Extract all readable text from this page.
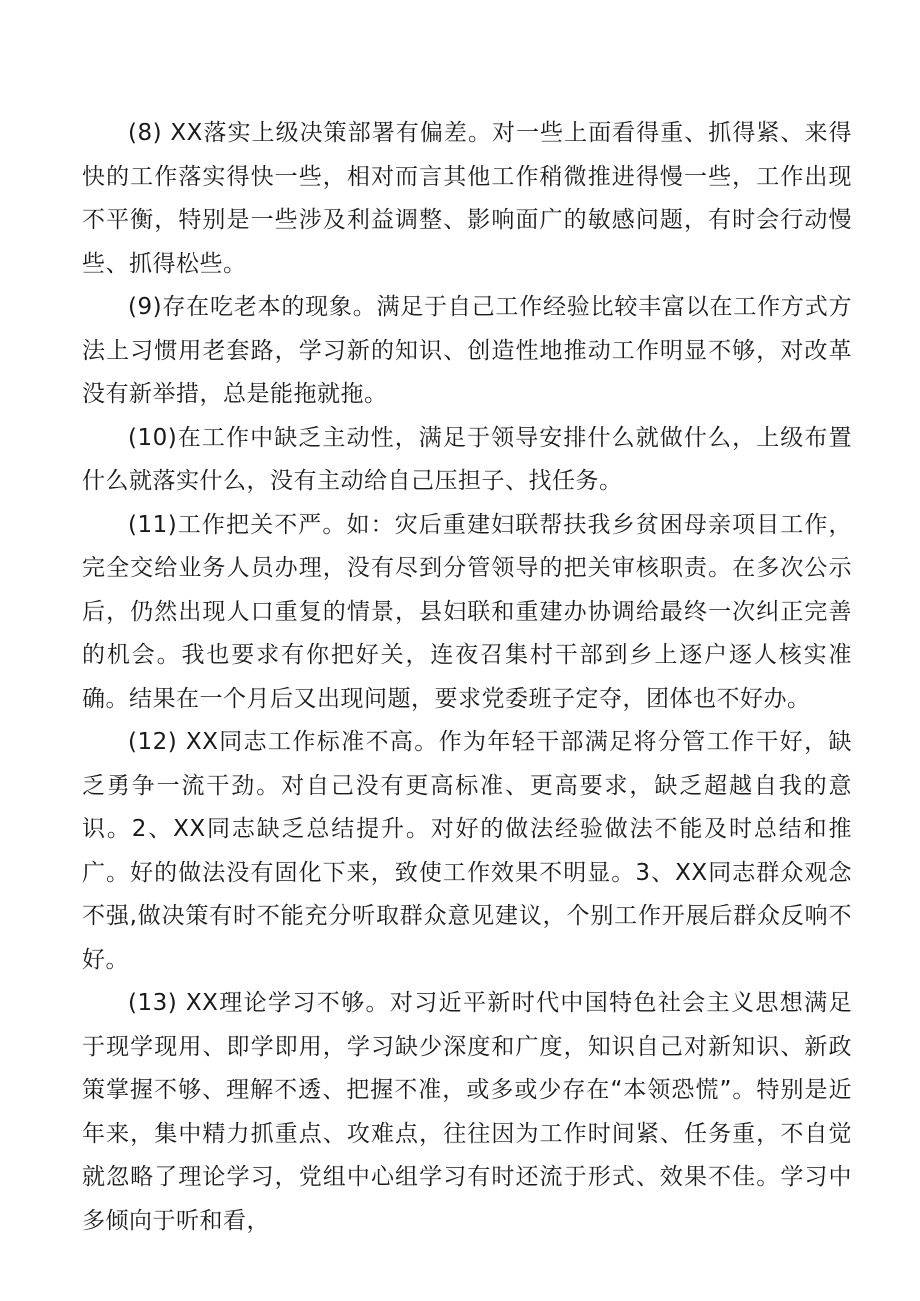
(8) XX落实上级决策部署有偏差。对一些上面看得重、抓得紧、来得快的工作落实得快一些，相对而言其他工作稍微推进得慢一些，工作出现不平衡，特别是一些涉及利益调整、影响面广的敏感问题，有时会行动慢些、抓得松些。

(9)存在吃老本的现象。满足于自己工作经验比较丰富以在工作方式方法上习惯用老套路，学习新的知识、创造性地推动工作明显不够，对改革没有新举措，总是能拖就拖。

(10)在工作中缺乏主动性，满足于领导安排什么就做什么，上级布置什么就落实什么，没有主动给自己压担子、找任务。

(11)工作把关不严。如：灾后重建妇联帮扶我乡贫困母亲项目工作，完全交给业务人员办理，没有尽到分管领导的把关审核职责。在多次公示后，仍然出现人口重复的情景，县妇联和重建办协调给最终一次纠正完善的机会。我也要求有你把好关，连夜召集村干部到乡上逐户逐人核实准确。结果在一个月后又出现问题，要求党委班子定夺，团体也不好办。

(12) XX同志工作标准不高。作为年轻干部满足将分管工作干好，缺乏勇争一流干劲。对自己没有更高标准、更高要求，缺乏超越自我的意识。2、XX同志缺乏总结提升。对好的做法经验做法不能及时总结和推广。好的做法没有固化下来，致使工作效果不明显。3、XX同志群众观念不强,做决策有时不能充分听取群众意见建议，个别工作开展后群众反响不好。

(13) XX理论学习不够。对习近平新时代中国特色社会主义思想满足于现学现用、即学即用，学习缺少深度和广度，知识自己对新知识、新政策掌握不够、理解不透、把握不准，或多或少存在“本领恐慌”。特别是近年来，集中精力抓重点、攻难点，往往因为工作时间紧、任务重，不自觉就忽略了理论学习，党组中心组学习有时还流于形式、效果不佳。学习中多倾向于听和看，
